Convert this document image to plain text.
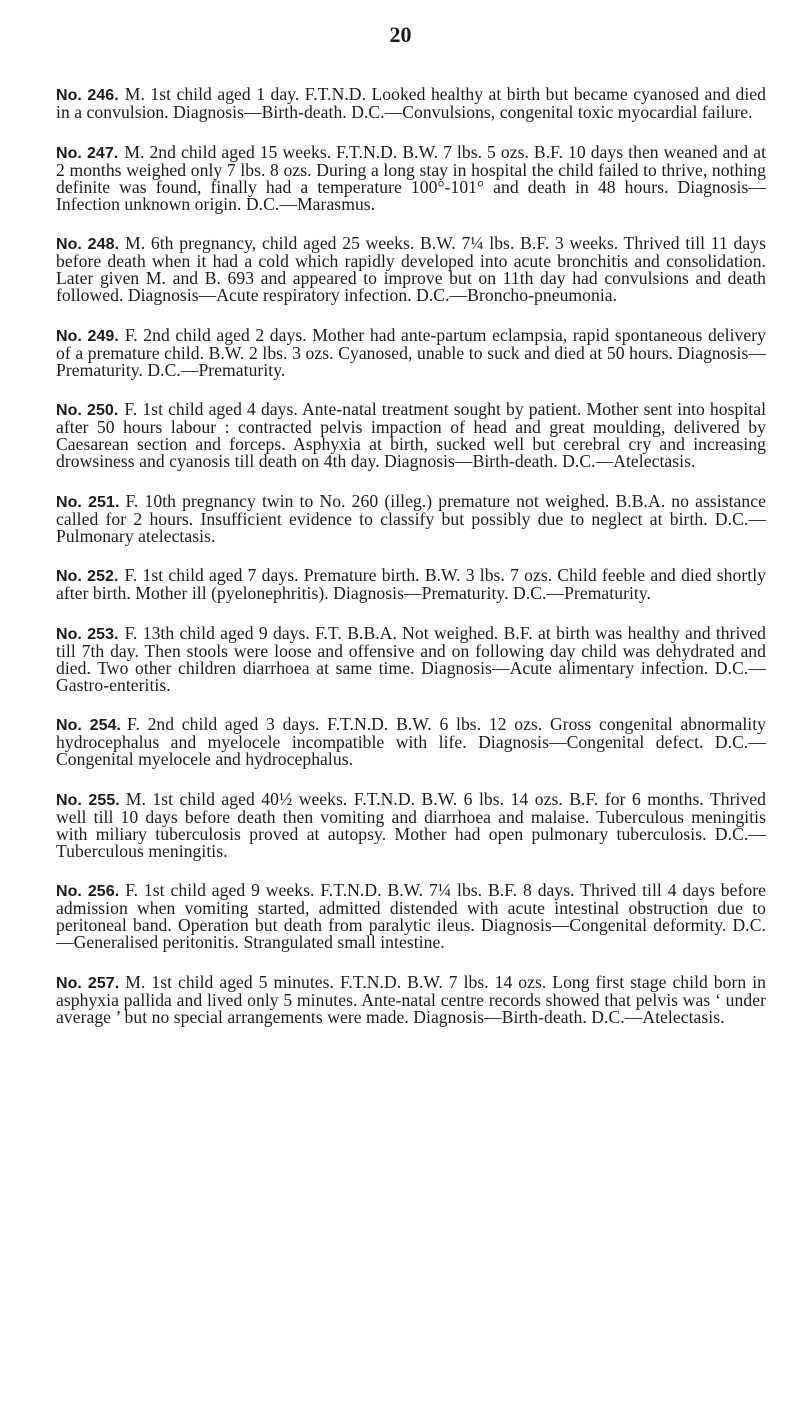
20

No. 246. M. 1st child aged 1 day. F.T.N.D. Looked healthy at birth but became cyanosed and died in a convulsion. Diagnosis—Birth-death. D.C.—Convulsions, congenital toxic myocardial failure.

No. 247. M. 2nd child aged 15 weeks. F.T.N.D. B.W. 7 lbs. 5 ozs. B.F. 10 days then weaned and at 2 months weighed only 7 lbs. 8 ozs. During a long stay in hospital the child failed to thrive, nothing definite was found, finally had a temperature 100°-101° and death in 48 hours. Diagnosis—Infection unknown origin. D.C.—Marasmus.

No. 248. M. 6th pregnancy, child aged 25 weeks. B.W. 7¼ lbs. B.F. 3 weeks. Thrived till 11 days before death when it had a cold which rapidly developed into acute bronchitis and consolidation. Later given M. and B. 693 and appeared to improve but on 11th day had convulsions and death followed. Diagnosis—Acute respiratory infection. D.C.—Broncho-pneumonia.

No. 249. F. 2nd child aged 2 days. Mother had ante-partum eclampsia, rapid spontaneous delivery of a premature child. B.W. 2 lbs. 3 ozs. Cyanosed, unable to suck and died at 50 hours. Diagnosis—Prematurity. D.C.—Prematurity.

No. 250. F. 1st child aged 4 days. Ante-natal treatment sought by patient. Mother sent into hospital after 50 hours labour : contracted pelvis impaction of head and great moulding, delivered by Caesarean section and forceps. Asphyxia at birth, sucked well but cerebral cry and increasing drowsiness and cyanosis till death on 4th day. Diagnosis—Birth-death. D.C.—Atelectasis.

No. 251. F. 10th pregnancy twin to No. 260 (illeg.) premature not weighed. B.B.A. no assistance called for 2 hours. Insufficient evidence to classify but possibly due to neglect at birth. D.C.—Pulmonary atelectasis.

No. 252. F. 1st child aged 7 days. Premature birth. B.W. 3 lbs. 7 ozs. Child feeble and died shortly after birth. Mother ill (pyelonephritis). Diagnosis—Prematurity. D.C.—Prematurity.

No. 253. F. 13th child aged 9 days. F.T. B.B.A. Not weighed. B.F. at birth was healthy and thrived till 7th day. Then stools were loose and offensive and on following day child was dehydrated and died. Two other children diarrhoea at same time. Diagnosis—Acute alimentary infection. D.C.—Gastro-enteritis.

No. 254. F. 2nd child aged 3 days. F.T.N.D. B.W. 6 lbs. 12 ozs. Gross congenital abnormality hydrocephalus and myelocele incompatible with life. Diagnosis—Congenital defect. D.C.—Congenital myelocele and hydrocephalus.

No. 255. M. 1st child aged 40½ weeks. F.T.N.D. B.W. 6 lbs. 14 ozs. B.F. for 6 months. Thrived well till 10 days before death then vomiting and diarrhoea and malaise. Tuberculous meningitis with miliary tuberculosis proved at autopsy. Mother had open pulmonary tuberculosis. D.C.—Tuberculous meningitis.

No. 256. F. 1st child aged 9 weeks. F.T.N.D. B.W. 7¼ lbs. B.F. 8 days. Thrived till 4 days before admission when vomiting started, admitted distended with acute intestinal obstruction due to peritoneal band. Operation but death from paralytic ileus. Diagnosis—Congenital deformity. D.C.—Generalised peritonitis. Strangulated small intestine.

No. 257. M. 1st child aged 5 minutes. F.T.N.D. B.W. 7 lbs. 14 ozs. Long first stage child born in asphyxia pallida and lived only 5 minutes. Ante-natal centre records showed that pelvis was ‘ under average ’ but no special arrangements were made. Diagnosis—Birth-death. D.C.—Atelectasis.
